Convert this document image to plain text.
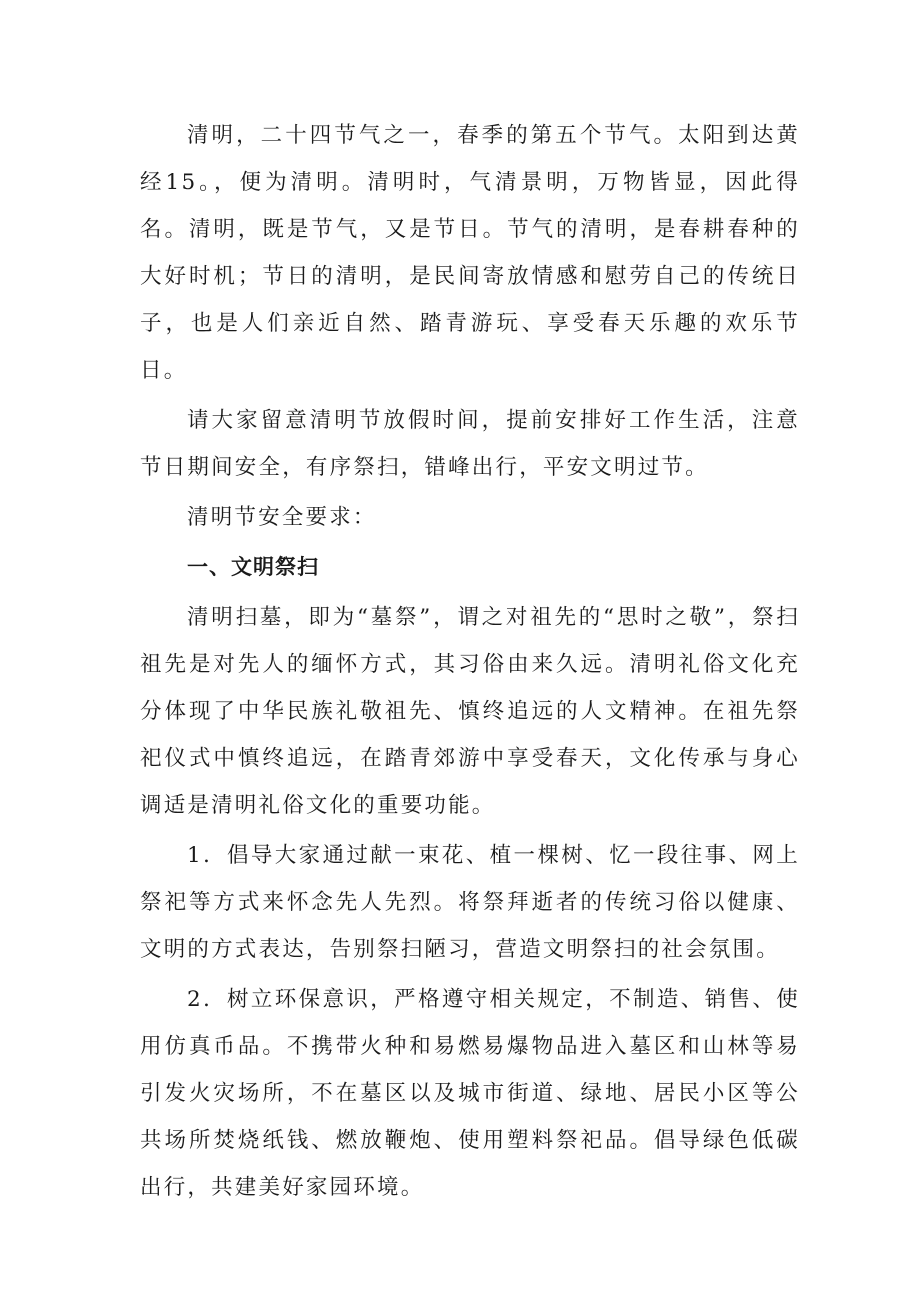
清明，二十四节气之一，春季的第五个节气。太阳到达黄经15。，便为清明。清明时，气清景明，万物皆显，因此得名。清明，既是节气，又是节日。节气的清明，是春耕春种的大好时机；节日的清明，是民间寄放情感和慰劳自己的传统日子，也是人们亲近自然、踏青游玩、享受春天乐趣的欢乐节日。

请大家留意清明节放假时间，提前安排好工作生活，注意节日期间安全，有序祭扫，错峰出行，平安文明过节。

清明节安全要求：

一、文明祭扫

清明扫墓，即为“墓祭”，谓之对祖先的“思时之敬”，祭扫祖先是对先人的缅怀方式，其习俗由来久远。清明礼俗文化充分体现了中华民族礼敬祖先、慎终追远的人文精神。在祖先祭祀仪式中慎终追远，在踏青郊游中享受春天，文化传承与身心调适是清明礼俗文化的重要功能。

1．倡导大家通过献一束花、植一棵树、忆一段往事、网上祭祀等方式来怀念先人先烈。将祭拜逝者的传统习俗以健康、文明的方式表达，告别祭扫陋习，营造文明祭扫的社会氛围。

2．树立环保意识，严格遵守相关规定，不制造、销售、使用仿真币品。不携带火种和易燃易爆物品进入墓区和山林等易引发火灾场所，不在墓区以及城市街道、绿地、居民小区等公共场所焚烧纸钱、燃放鞭炮、使用塑料祭祀品。倡导绿色低碳出行，共建美好家园环境。
